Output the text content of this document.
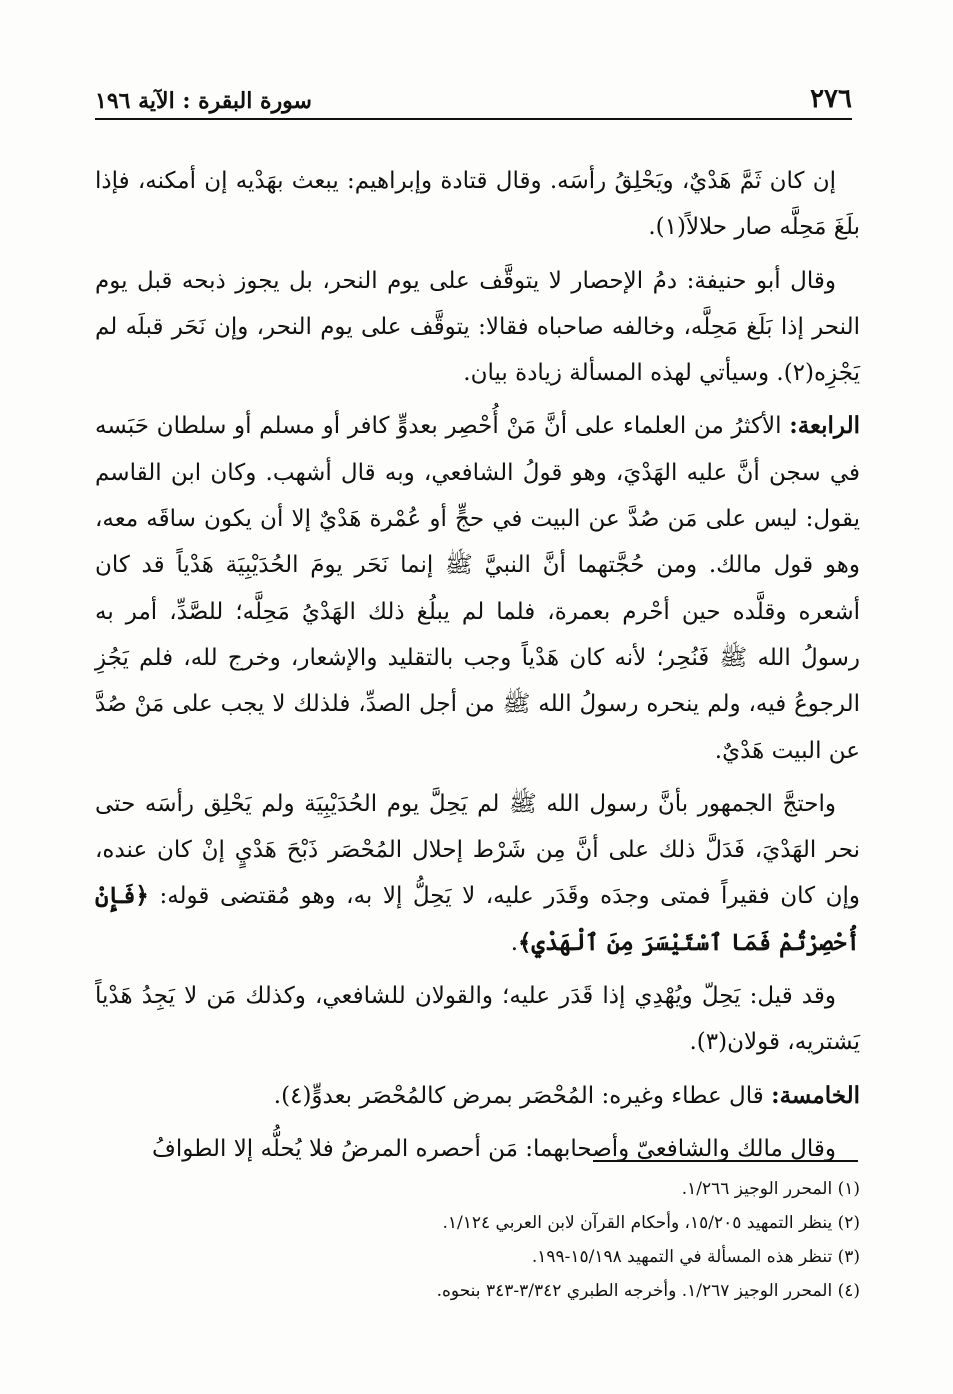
٢٧٦
سورة البقرة : الآية ١٩٦

إن كان ثَمَّ هَدْيٌ، ويَحْلِقُ رأسَه. وقال قتادة وإبراهيم: يبعث بهَدْيه إن أمكنه، فإذا بلَغَ مَحِلَّه صار حلالاً(١).

وقال أبو حنيفة: دمُ الإحصار لا يتوقَّف على يوم النحر، بل يجوز ذبحه قبل يوم النحر إذا بَلَغ مَحِلَّه، وخالفه صاحباه فقالا: يتوقَّف على يوم النحر، وإن نَحَر قبلَه لم يَجْزِه(٢). وسيأتي لهذه المسألة زيادة بيان.

الرابعة: الأكثرُ من العلماء على أنَّ مَنْ أُحْصِر بعدوٍّ كافر أو مسلم أو سلطان حَبَسه في سجن أنَّ عليه الهَدْيَ، وهو قولُ الشافعي، وبه قال أشهب. وكان ابن القاسم يقول: ليس على مَن صُدَّ عن البيت في حجٍّ أو عُمْرة هَدْيٌ إلا أن يكون ساقَه معه، وهو قول مالك. ومن حُجَّتهما أنَّ النبيَّ ﷺ إنما نَحَر يومَ الحُدَيْبِيَة هَدْياً قد كان أشعره وقلَّده حين أحْرم بعمرة، فلما لم يبلُغ ذلك الهَدْيُ مَحِلَّه؛ للصَّدِّ، أمر به رسولُ الله ﷺ فَنُحِر؛ لأنه كان هَدْياً وجب بالتقليد والإشعار، وخرج لله، فلم يَجُزِ الرجوعُ فيه، ولم ينحره رسولُ الله ﷺ من أجل الصدِّ، فلذلك لا يجب على مَنْ صُدَّ عن البيت هَدْيٌ.

واحتجَّ الجمهور بأنَّ رسول الله ﷺ لم يَحِلَّ يوم الحُدَيْبِيَة ولم يَحْلِق رأسَه حتى نحر الهَدْيَ، فَدَلَّ ذلك على أنَّ مِن شَرْط إحلال المُحْصَر ذَبْحَ هَدْيٍ إنْ كان عنده، وإن كان فقيراً فمتى وجدَه وقَدَر عليه، لا يَحِلُّ إلا به، وهو مُقتضى قوله: ﴿فَإِنْ أُحْصِرْتُمْ فَمَا ٱسْتَيْسَرَ مِنَ ٱلْهَدْيِ﴾.

وقد قيل: يَحِلّ ويُهْدِي إذا قَدَر عليه؛ والقولان للشافعي، وكذلك مَن لا يَجِدُ هَدْياً يَشتريه، قولان(٣).

الخامسة: قال عطاء وغيره: المُحْصَر بمرض كالمُحْصَر بعدوٍّ(٤).

وقال مالك والشافعيّ وأصحابهما: مَن أحصره المرضُ فلا يُحلُّه إلا الطوافُ

(١) المحرر الوجيز ١/٢٦٦.
(٢) ينظر التمهيد ١٥/٢٠٥، وأحكام القرآن لابن العربي ١/١٢٤.
(٣) تنظر هذه المسألة في التمهيد ١٥/١٩٨-١٩٩.
(٤) المحرر الوجيز ١/٢٦٧. وأخرجه الطبري ٣/٣٤٢-٣٤٣ بنحوه.
